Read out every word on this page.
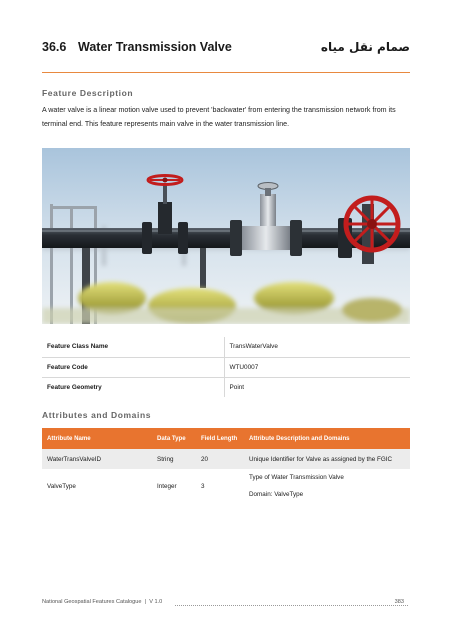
36.6 Water Transmission Valve	صمام نقل مياه
Feature Description

A water valve is a linear motion valve used to prevent 'backwater' from entering the transmission network from its terminal end. This feature represents main valve in the water transmission line.

Feature Class Name	TransWaterValve
Feature Code	WTU0007
Feature Geometry	Point
Attributes and Domains
Attribute Name	Data Type	Field Length	Attribute Description and Domains
WaterTransValveID	String	20	Unique Identifier for Valve as assigned by the FGIC
ValveType	Integer	3	Type of Water Transmission Valve
Domain: ValveType
National Geospatial Features Catalogue | V 1.0	383
